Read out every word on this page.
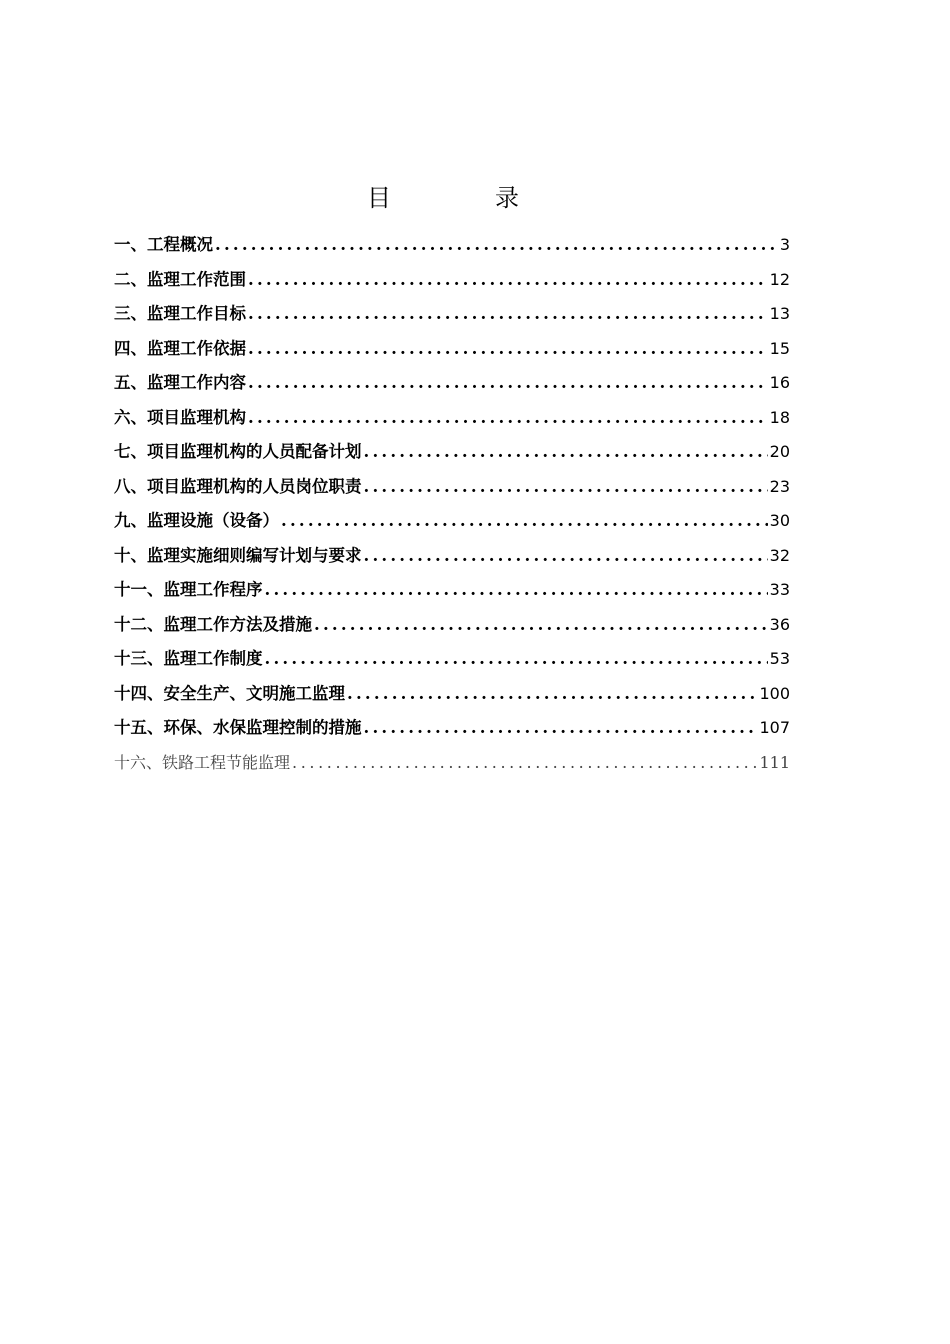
目　录
一、工程概况 .....	3
二、监理工作范围 .....	12
三、监理工作目标 .....	13
四、监理工作依据 .....	15
五、监理工作内容 .....	16
六、项目监理机构 .....	18
七、项目监理机构的人员配备计划 .....	20
八、项目监理机构的人员岗位职责 .....	23
九、监理设施（设备） .....	30
十、监理实施细则编写计划与要求 .....	32
十一、监理工作程序 .....	33
十二、监理工作方法及措施 .....	36
十三、监理工作制度 .....	53
十四、安全生产、文明施工监理 .....	100
十五、环保、水保监理控制的措施 .....	107
十六、铁路工程节能监理 .....	111
